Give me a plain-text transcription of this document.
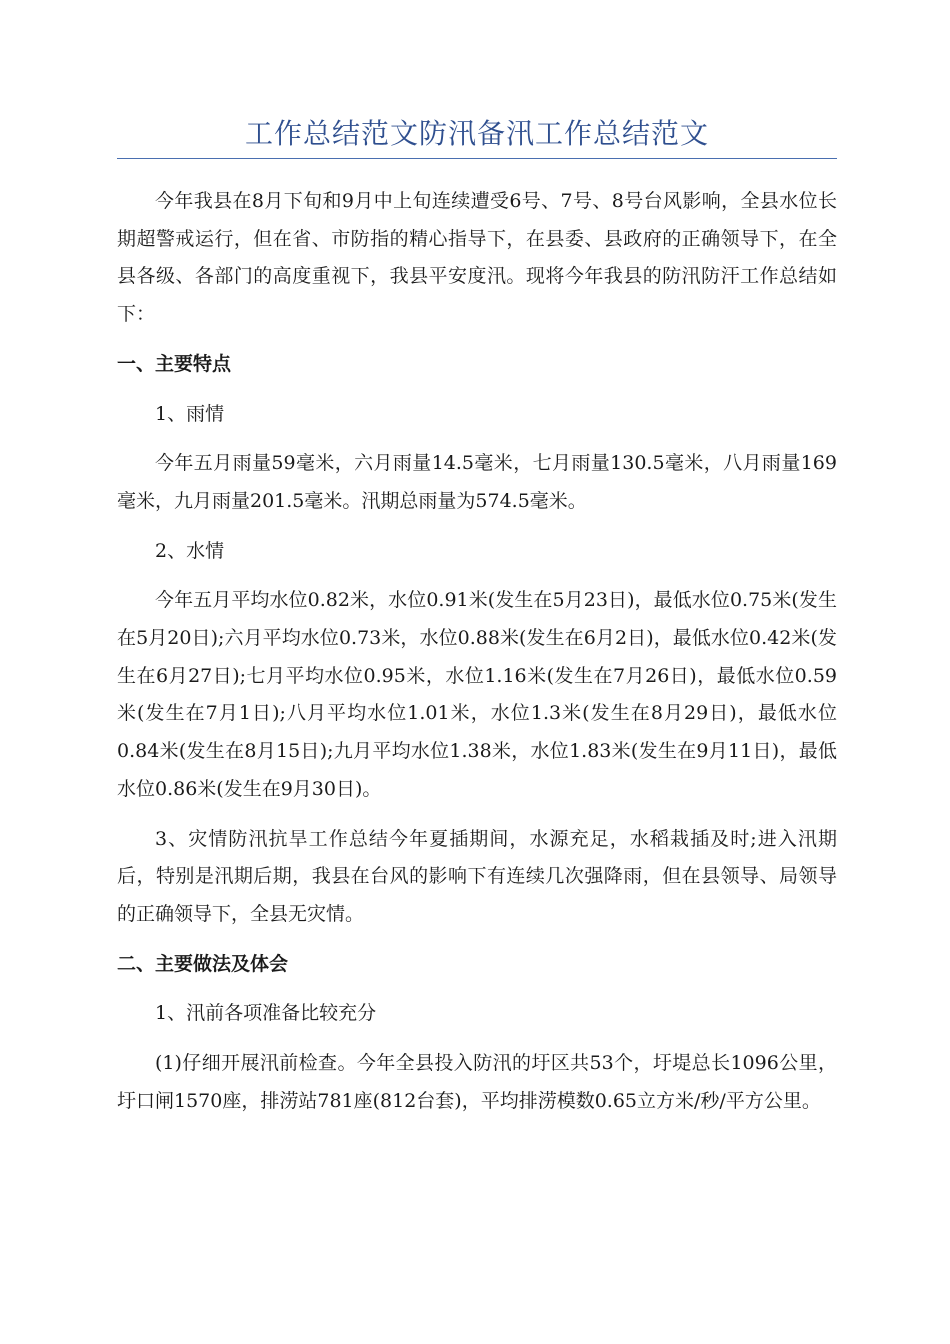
工作总结范文防汛备汛工作总结范文

今年我县在8月下旬和9月中上旬连续遭受6号、7号、8号台风影响，全县水位长期超警戒运行，但在省、市防指的精心指导下，在县委、县政府的正确领导下，在全县各级、各部门的高度重视下，我县平安度汛。现将今年我县的防汛防汗工作总结如下：

一、主要特点

1、雨情

今年五月雨量59毫米，六月雨量14.5毫米，七月雨量130.5毫米，八月雨量169毫米，九月雨量201.5毫米。汛期总雨量为574.5毫米。

2、水情

今年五月平均水位0.82米，水位0.91米(发生在5月23日)，最低水位0.75米(发生在5月20日);六月平均水位0.73米，水位0.88米(发生在6月2日)，最低水位0.42米(发生在6月27日);七月平均水位0.95米，水位1.16米(发生在7月26日)，最低水位0.59米(发生在7月1日);八月平均水位1.01米，水位1.3米(发生在8月29日)，最低水位0.84米(发生在8月15日);九月平均水位1.38米，水位1.83米(发生在9月11日)，最低水位0.86米(发生在9月30日)。

3、灾情防汛抗旱工作总结今年夏插期间，水源充足，水稻栽插及时;进入汛期后，特别是汛期后期，我县在台风的影响下有连续几次强降雨，但在县领导、局领导的正确领导下，全县无灾情。

二、主要做法及体会

1、汛前各项准备比较充分

(1)仔细开展汛前检查。今年全县投入防汛的圩区共53个，圩堤总长1096公里，圩口闸1570座，排涝站781座(812台套)，平均排涝模数0.65立方米/秒/平方公里。
